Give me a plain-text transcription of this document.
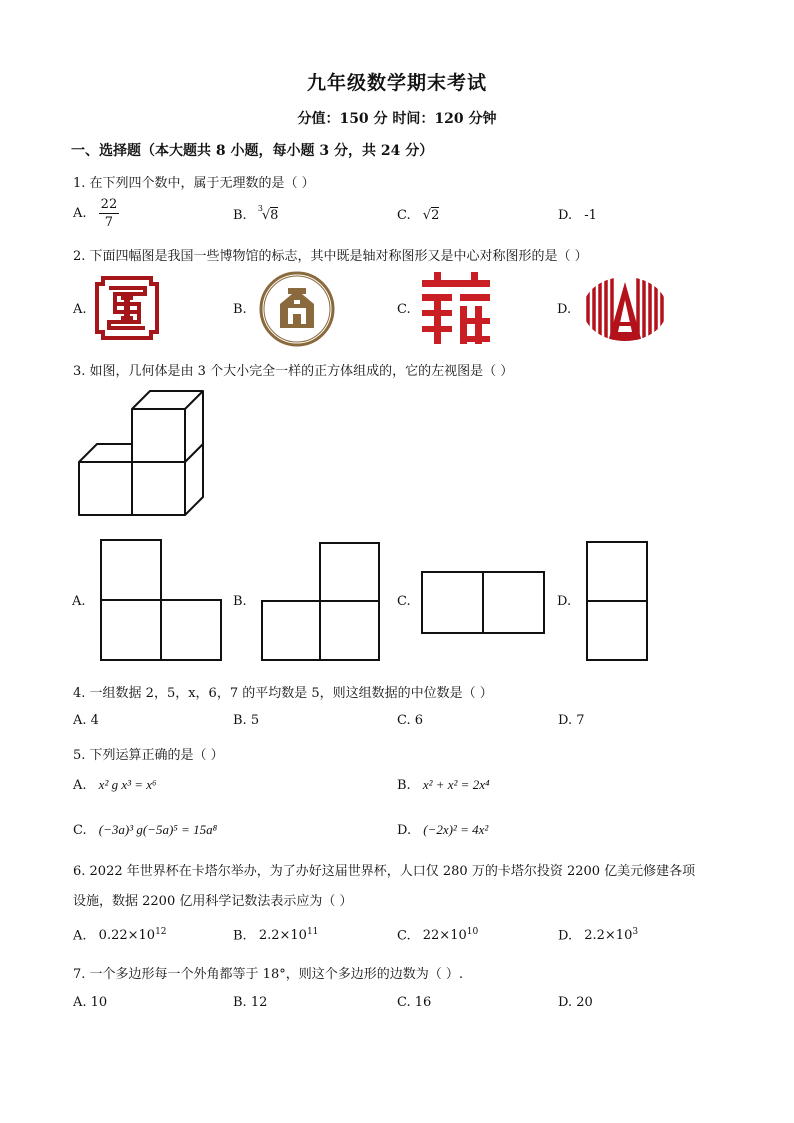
九年级数学期末考试
分值：150 分 时间：120 分钟
一、选择题（本大题共 8 小题，每小题 3 分，共 24 分）
1. 在下列四个数中，属于无理数的是（ ）
A. $\frac{22}{7}$	B. 3
√8	C. √2	D. -1
2. 下面四幅图是我国一些博物馆的标志，其中既是轴对称图形又是中心对称图形的是（ ）
A.	B.	C.	D.
3. 如图，几何体是由 3 个大小完全一样的正方体组成的，它的左视图是（ ）
A.	B.	C.	D.
4. 一组数据 2，5，x，6，7 的平均数是 5，则这组数据的中位数是（ ）
A. 4	B. 5	C. 6	D. 7
5. 下列运算正确的是（ ）
A. x² g x³ = x⁶	B. x² + x² = 2x⁴
C. (−3a)³ g(−5a)⁵ = 15a⁸	D. (−2x)² = 4x²
6. 2022 年世界杯在卡塔尔举办，为了办好这届世界杯，人口仅 280 万的卡塔尔投资 2200 亿美元修建各项
设施，数据 2200 亿用科学记数法表示应为（ ）
A. $0.22\times 10^{12}$	B. $2.2\times 10^{11}$	C. $22\times 10^{10}$	D. $2.2\times 10^3$
7. 一个多边形每一个外角都等于 18°，则这个多边形的边数为（ ）.
A. 10	B. 12	C. 16	D. 20
